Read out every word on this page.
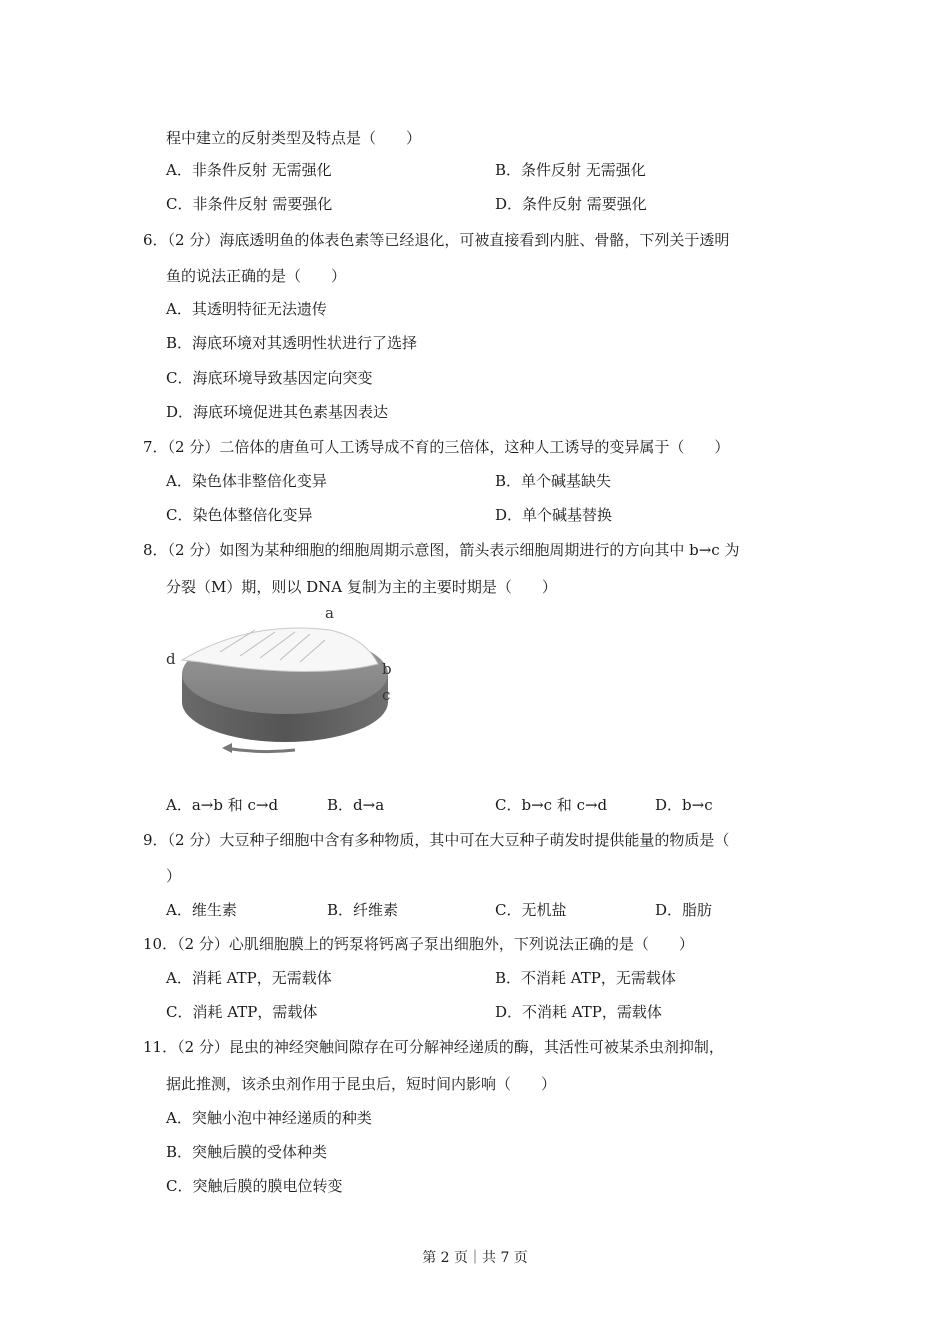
程中建立的反射类型及特点是（　　）
A．非条件反射 无需强化	B．条件反射 无需强化
C．非条件反射 需要强化	D．条件反射 需要强化
6．（2 分）海底透明鱼的体表色素等已经退化，可被直接看到内脏、骨骼，下列关于透明
鱼的说法正确的是（　　）
A．其透明特征无法遗传
B．海底环境对其透明性状进行了选择
C．海底环境导致基因定向突变
D．海底环境促进其色素基因表达
7．（2 分）二倍体的唐鱼可人工诱导成不育的三倍体，这种人工诱导的变异属于（　　）
A．染色体非整倍化变异	B．单个碱基缺失
C．染色体整倍化变异	D．单个碱基替换
8．（2 分）如图为某种细胞的细胞周期示意图，箭头表示细胞周期进行的方向其中 b→c 为
分裂（M）期，则以 DNA 复制为主的主要时期是（　　）
a
d
b
c
A．a→b 和 c→d	B．d→a	C．b→c 和 c→d	D．b→c
9．（2 分）大豆种子细胞中含有多种物质，其中可在大豆种子萌发时提供能量的物质是（
）
A．维生素	B．纤维素	C．无机盐	D．脂肪
10．（2 分）心肌细胞膜上的钙泵将钙离子泵出细胞外，下列说法正确的是（　　）
A．消耗 ATP，无需载体	B．不消耗 ATP，无需载体
C．消耗 ATP，需载体	D．不消耗 ATP，需载体
11．（2 分）昆虫的神经突触间隙存在可分解神经递质的酶，其活性可被某杀虫剂抑制，
据此推测，该杀虫剂作用于昆虫后，短时间内影响（　　）
A．突触小泡中神经递质的种类
B．突触后膜的受体种类
C．突触后膜的膜电位转变
第 2 页｜共 7 页
